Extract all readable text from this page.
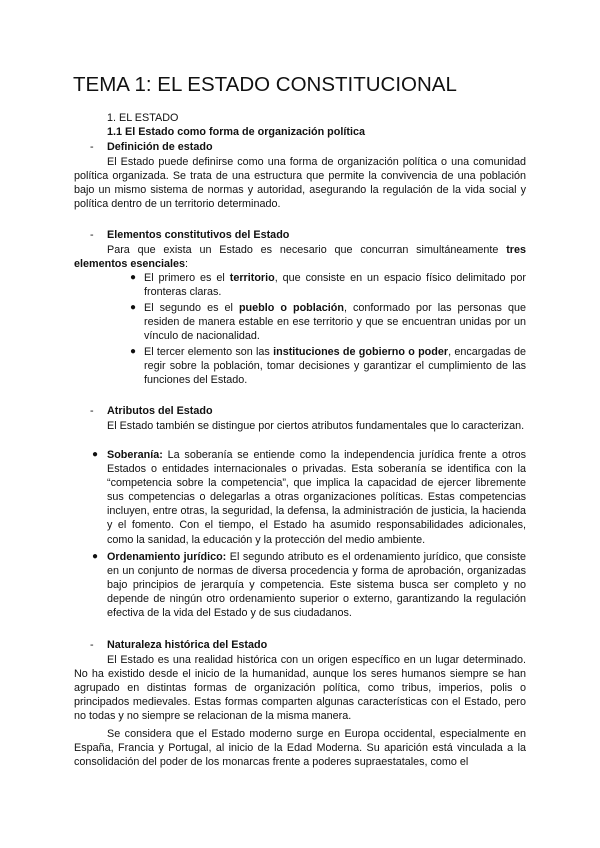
TEMA 1: EL ESTADO CONSTITUCIONAL
1. EL ESTADO
1.1 El Estado como forma de organización política
- Definición de estado
El Estado puede definirse como una forma de organización política o una comunidad política organizada. Se trata de una estructura que permite la convivencia de una población bajo un mismo sistema de normas y autoridad, asegurando la regulación de la vida social y política dentro de un territorio determinado.
- Elementos constitutivos del Estado
Para que exista un Estado es necesario que concurran simultáneamente tres elementos esenciales:
● El primero es el territorio, que consiste en un espacio físico delimitado por fronteras claras.
● El segundo es el pueblo o población, conformado por las personas que residen de manera estable en ese territorio y que se encuentran unidas por un vínculo de nacionalidad.
● El tercer elemento son las instituciones de gobierno o poder, encargadas de regir sobre la población, tomar decisiones y garantizar el cumplimiento de las funciones del Estado.
- Atributos del Estado
El Estado también se distingue por ciertos atributos fundamentales que lo caracterizan.
● Soberanía: La soberanía se entiende como la independencia jurídica frente a otros Estados o entidades internacionales o privadas. Esta soberanía se identifica con la “competencia sobre la competencia”, que implica la capacidad de ejercer libremente sus competencias o delegarlas a otras organizaciones políticas. Estas competencias incluyen, entre otras, la seguridad, la defensa, la administración de justicia, la hacienda y el fomento. Con el tiempo, el Estado ha asumido responsabilidades adicionales, como la sanidad, la educación y la protección del medio ambiente.
● Ordenamiento jurídico: El segundo atributo es el ordenamiento jurídico, que consiste en un conjunto de normas de diversa procedencia y forma de aprobación, organizadas bajo principios de jerarquía y competencia. Este sistema busca ser completo y no depende de ningún otro ordenamiento superior o externo, garantizando la regulación efectiva de la vida del Estado y de sus ciudadanos.
- Naturaleza histórica del Estado
El Estado es una realidad histórica con un origen específico en un lugar determinado. No ha existido desde el inicio de la humanidad, aunque los seres humanos siempre se han agrupado en distintas formas de organización política, como tribus, imperios, polis o principados medievales. Estas formas comparten algunas características con el Estado, pero no todas y no siempre se relacionan de la misma manera.
Se considera que el Estado moderno surge en Europa occidental, especialmente en España, Francia y Portugal, al inicio de la Edad Moderna. Su aparición está vinculada a la consolidación del poder de los monarcas frente a poderes supraestatales, como el
